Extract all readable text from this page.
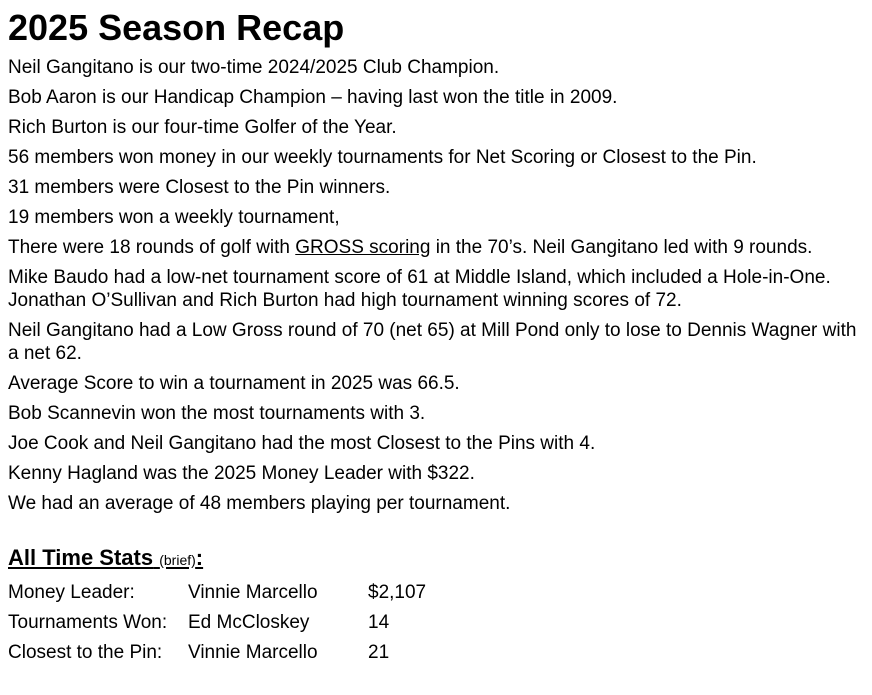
2025 Season Recap

Neil Gangitano is our two-time 2024/2025 Club Champion.

Bob Aaron is our Handicap Champion – having last won the title in 2009.

Rich Burton is our four-time Golfer of the Year.

56 members won money in our weekly tournaments for Net Scoring or Closest to the Pin.

31 members were Closest to the Pin winners.

19 members won a weekly tournament,

There were 18 rounds of golf with GROSS scoring in the 70’s. Neil Gangitano led with 9 rounds.

Mike Baudo had a low-net tournament score of 61 at Middle Island, which included a Hole-in-One. Jonathan O’Sullivan and Rich Burton had high tournament winning scores of 72.

Neil Gangitano had a Low Gross round of 70 (net 65) at Mill Pond only to lose to Dennis Wagner with a net 62.

Average Score to win a tournament in 2025 was 66.5.

Bob Scannevin won the most tournaments with 3.

Joe Cook and Neil Gangitano had the most Closest to the Pins with 4.

Kenny Hagland was the 2025 Money Leader with $322.

We had an average of 48 members playing per tournament.

All Time Stats (brief):
Money Leader:	Vinnie Marcello	$2,107
Tournaments Won:	Ed McCloskey	14
Closest to the Pin:	Vinnie Marcello	21
